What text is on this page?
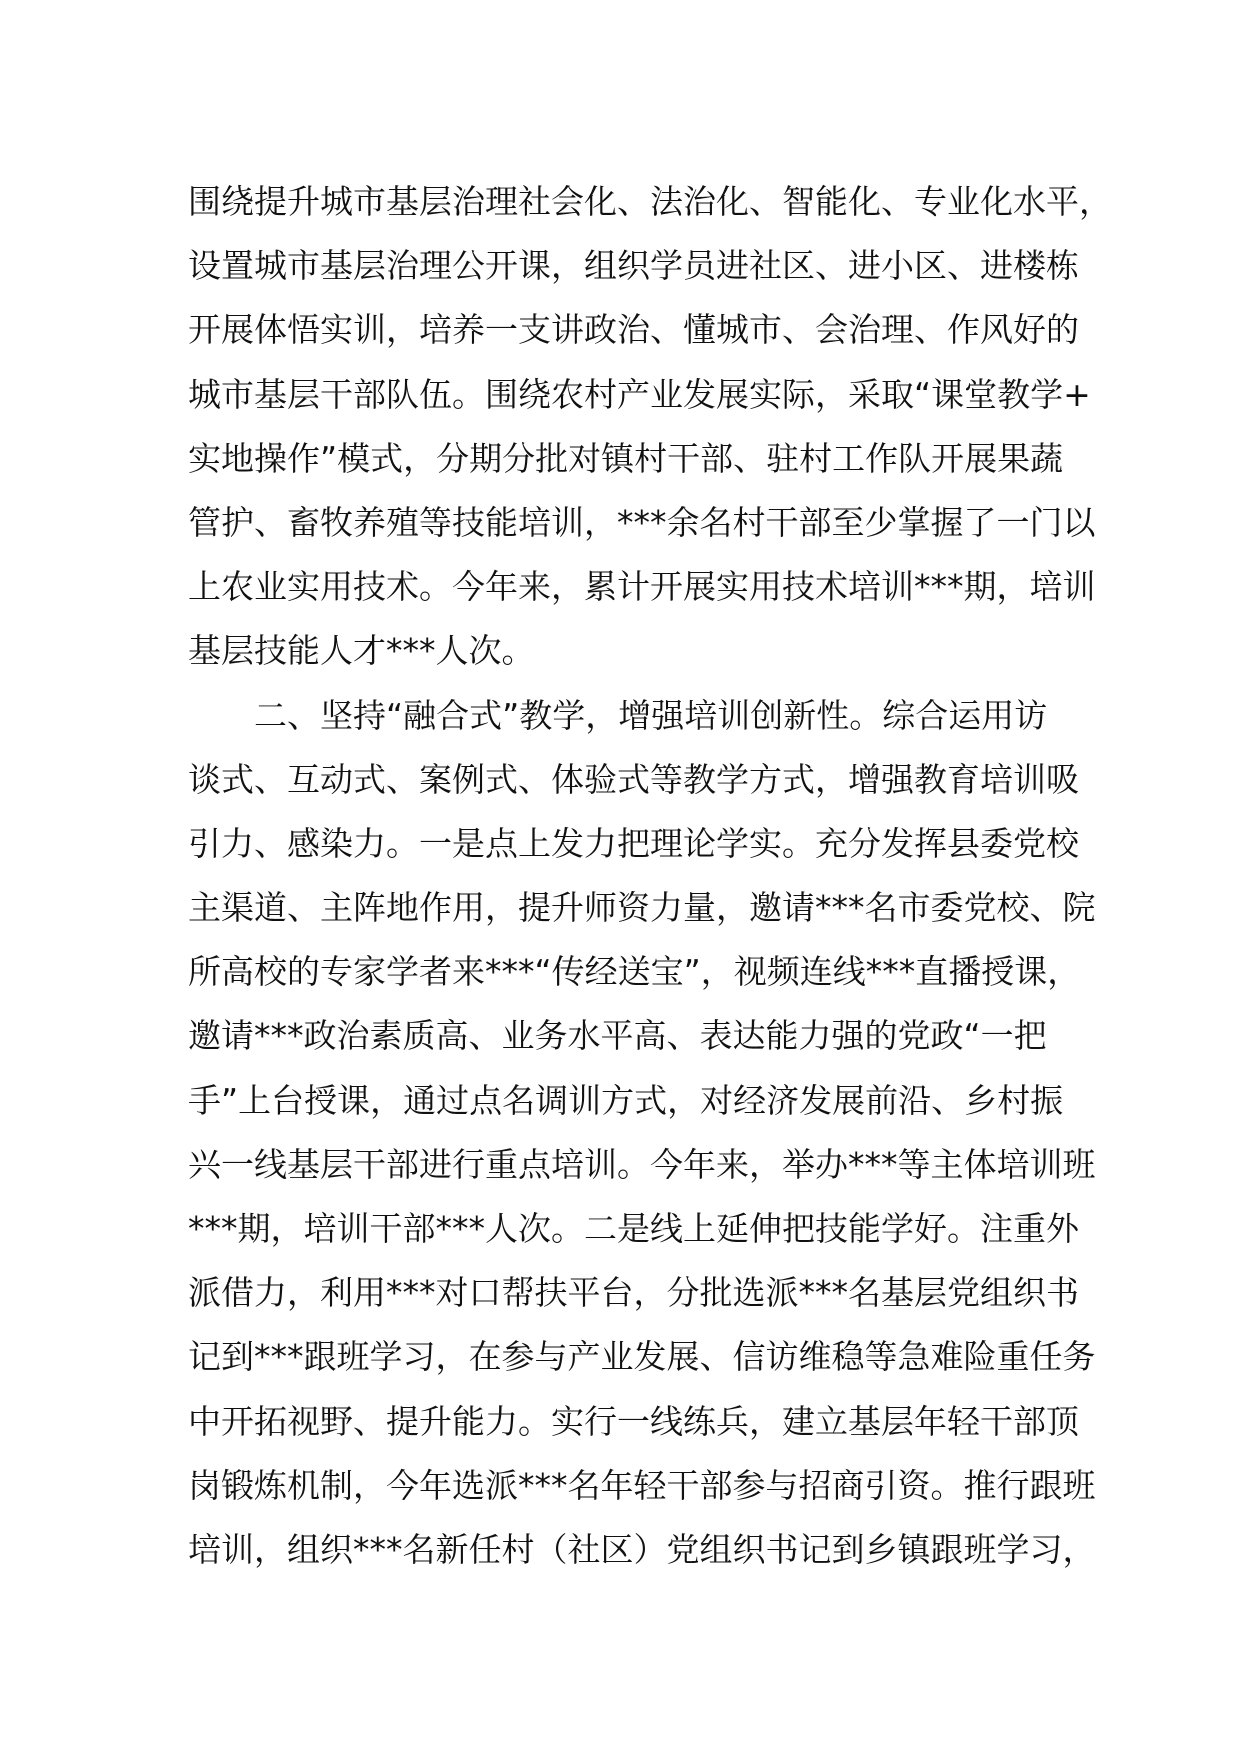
围绕提升城市基层治理社会化、法治化、智能化、专业化水平，
设置城市基层治理公开课，组织学员进社区、进小区、进楼栋
开展体悟实训，培养一支讲政治、懂城市、会治理、作风好的
城市基层干部队伍。围绕农村产业发展实际，采取“课堂教学+
实地操作”模式，分期分批对镇村干部、驻村工作队开展果蔬
管护、畜牧养殖等技能培训，***余名村干部至少掌握了一门以
上农业实用技术。今年来，累计开展实用技术培训***期，培训
基层技能人才***人次。
二、坚持“融合式”教学，增强培训创新性。综合运用访
谈式、互动式、案例式、体验式等教学方式，增强教育培训吸
引力、感染力。一是点上发力把理论学实。充分发挥县委党校
主渠道、主阵地作用，提升师资力量，邀请***名市委党校、院
所高校的专家学者来***“传经送宝”，视频连线***直播授课，
邀请***政治素质高、业务水平高、表达能力强的党政“一把
手”上台授课，通过点名调训方式，对经济发展前沿、乡村振
兴一线基层干部进行重点培训。今年来，举办***等主体培训班
***期，培训干部***人次。二是线上延伸把技能学好。注重外
派借力，利用***对口帮扶平台，分批选派***名基层党组织书
记到***跟班学习，在参与产业发展、信访维稳等急难险重任务
中开拓视野、提升能力。实行一线练兵，建立基层年轻干部顶
岗锻炼机制，今年选派***名年轻干部参与招商引资。推行跟班
培训，组织***名新任村（社区）党组织书记到乡镇跟班学习，
